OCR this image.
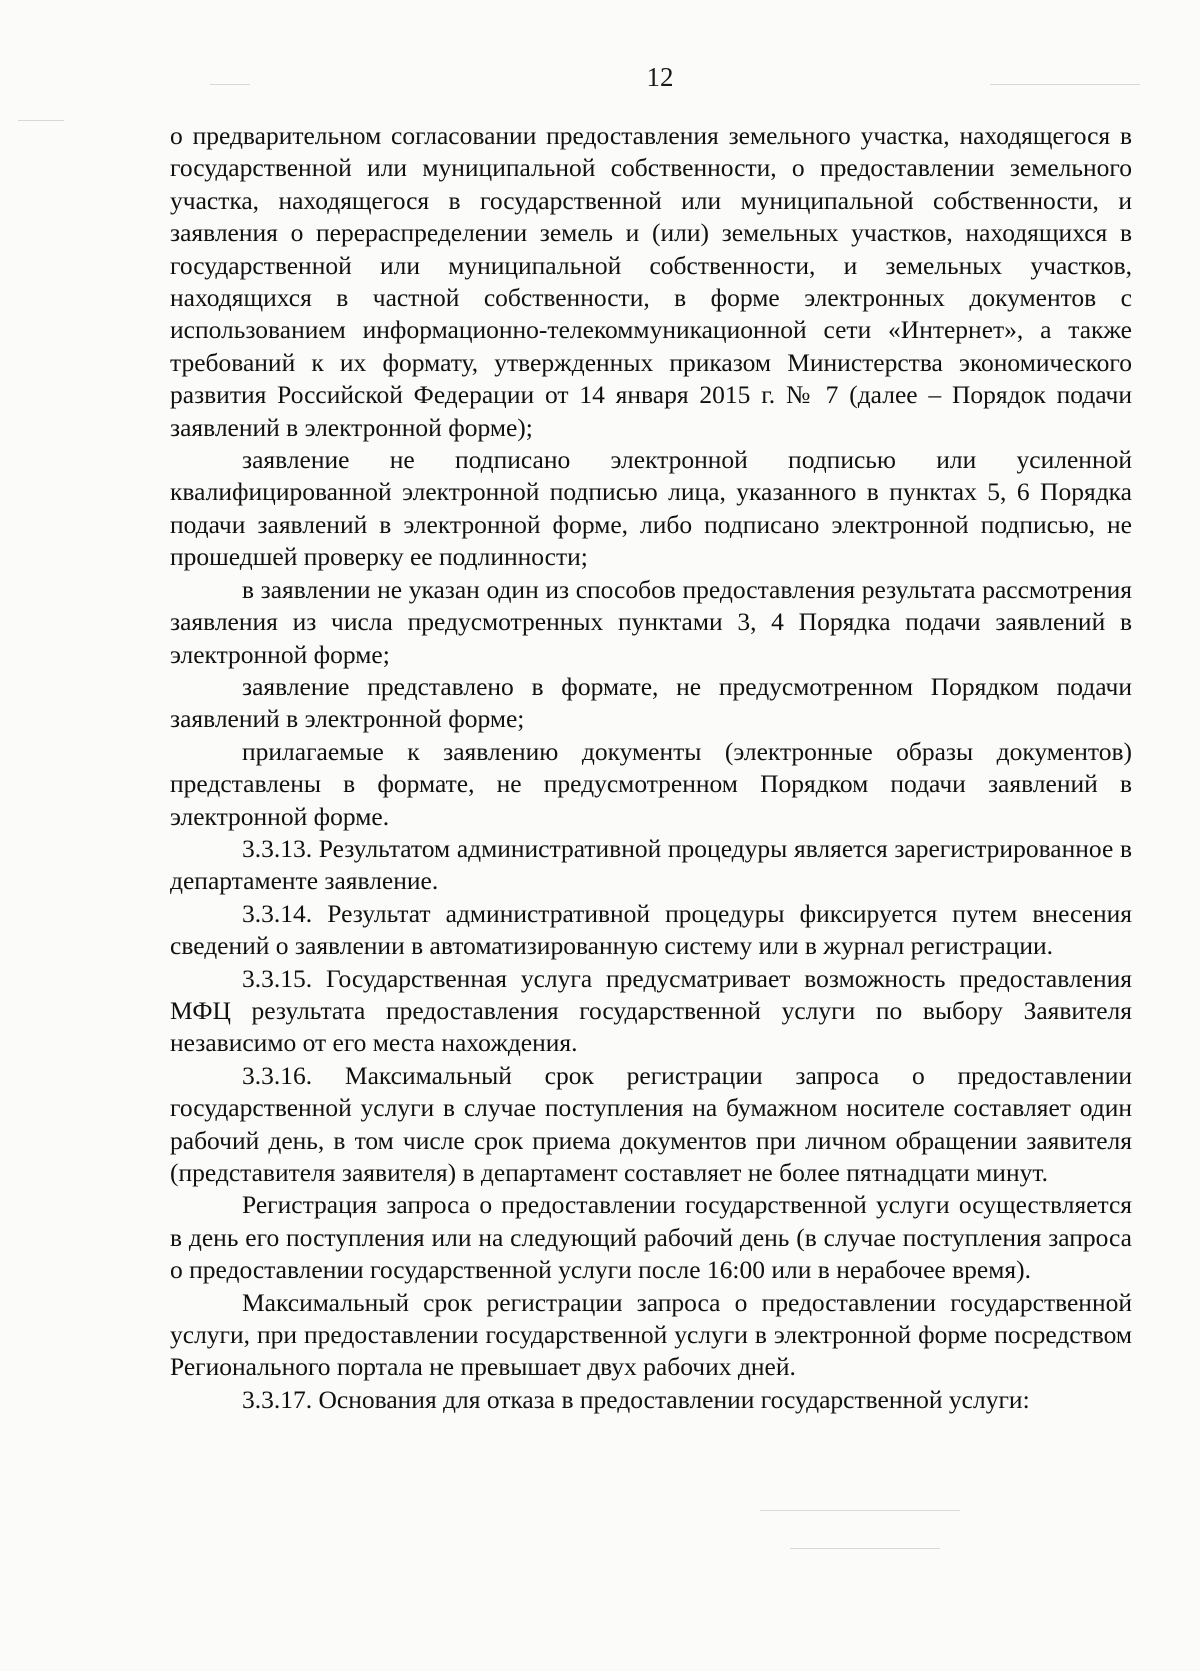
12

о предварительном согласовании предоставления земельного участка, находящегося в государственной или муниципальной собственности, о предоставлении земельного участка, находящегося в государственной или муниципальной собственности, и заявления о перераспределении земель и (или) земельных участков, находящихся в государственной или муниципальной собственности, и земельных участков, находящихся в частной собственности, в форме электронных документов с использованием информационно-телекоммуникационной сети «Интернет», а также требований к их формату, утвержденных приказом Министерства экономического развития Российской Федерации от 14 января 2015 г. № 7 (далее – Порядок подачи заявлений в электронной форме);

заявление не подписано электронной подписью или усиленной квалифицированной электронной подписью лица, указанного в пунктах 5, 6 Порядка подачи заявлений в электронной форме, либо подписано электронной подписью, не прошедшей проверку ее подлинности;

в заявлении не указан один из способов предоставления результата рассмотрения заявления из числа предусмотренных пунктами 3, 4 Порядка подачи заявлений в электронной форме;

заявление представлено в формате, не предусмотренном Порядком подачи заявлений в электронной форме;

прилагаемые к заявлению документы (электронные образы документов) представлены в формате, не предусмотренном Порядком подачи заявлений в электронной форме.

3.3.13. Результатом административной процедуры является зарегистрированное в департаменте заявление.

3.3.14. Результат административной процедуры фиксируется путем внесения сведений о заявлении в автоматизированную систему или в журнал регистрации.

3.3.15. Государственная услуга предусматривает возможность предоставления МФЦ результата предоставления государственной услуги по выбору Заявителя независимо от его места нахождения.

3.3.16. Максимальный срок регистрации запроса о предоставлении государственной услуги в случае поступления на бумажном носителе составляет один рабочий день, в том числе срок приема документов при личном обращении заявителя (представителя заявителя) в департамент составляет не более пятнадцати минут.

Регистрация запроса о предоставлении государственной услуги осуществляется в день его поступления или на следующий рабочий день (в случае поступления запроса о предоставлении государственной услуги после 16:00 или в нерабочее время).

Максимальный срок регистрации запроса о предоставлении государственной услуги, при предоставлении государственной услуги в электронной форме посредством Регионального портала не превышает двух рабочих дней.

3.3.17. Основания для отказа в предоставлении государственной услуги:
